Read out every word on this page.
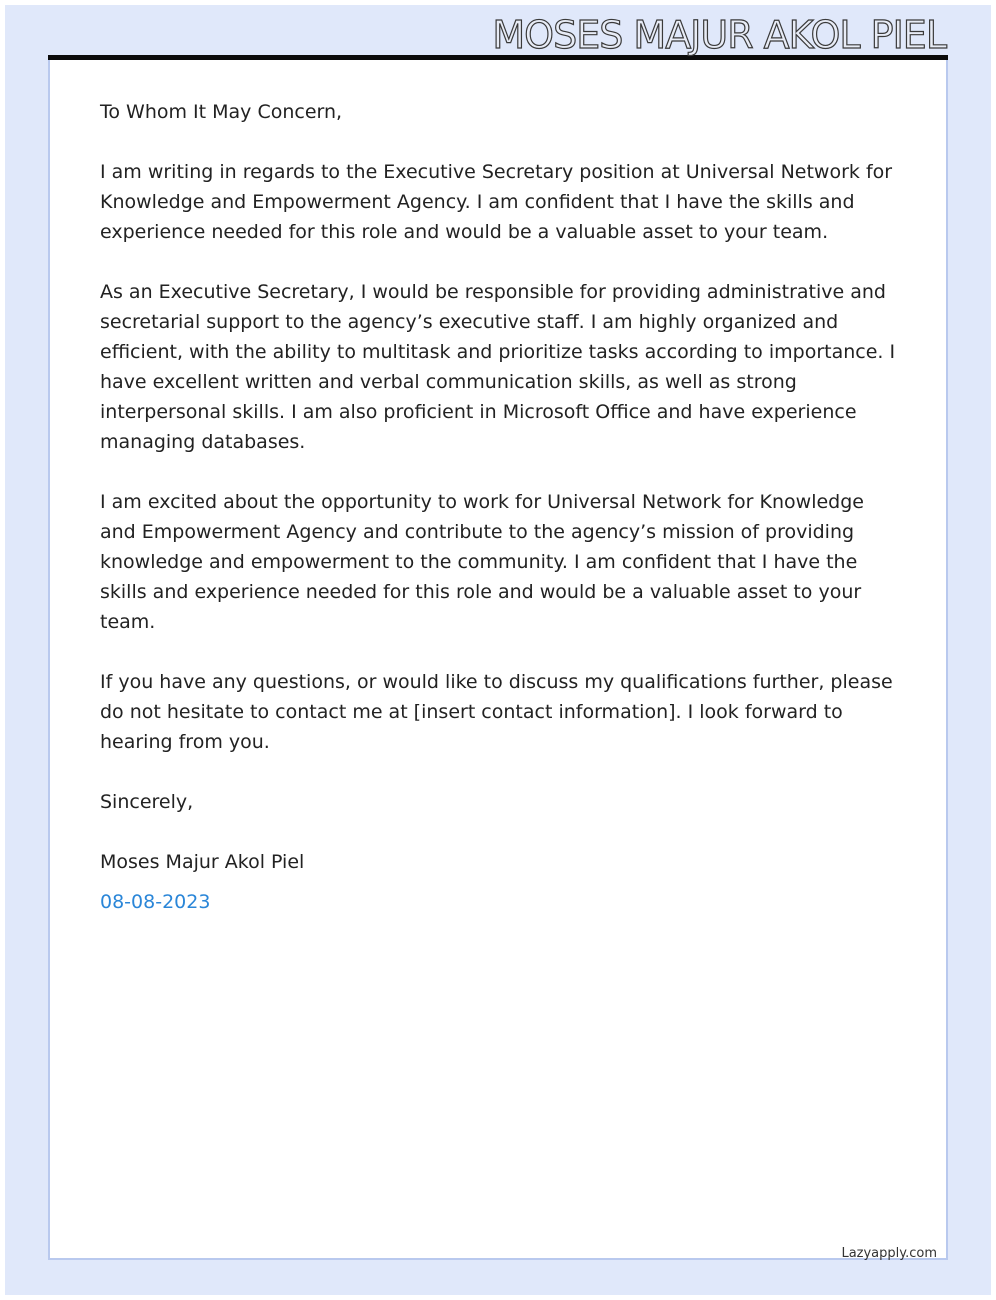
MOSES MAJUR AKOL PIEL

To Whom It May Concern,

I am writing in regards to the Executive Secretary position at Universal Network for Knowledge and Empowerment Agency. I am confident that I have the skills and experience needed for this role and would be a valuable asset to your team.

As an Executive Secretary, I would be responsible for providing administrative and secretarial support to the agency’s executive staff. I am highly organized and efficient, with the ability to multitask and prioritize tasks according to importance. I have excellent written and verbal communication skills, as well as strong interpersonal skills. I am also proficient in Microsoft Office and have experience managing databases.

I am excited about the opportunity to work for Universal Network for Knowledge and Empowerment Agency and contribute to the agency’s mission of providing knowledge and empowerment to the community. I am confident that I have the skills and experience needed for this role and would be a valuable asset to your team.

If you have any questions, or would like to discuss my qualifications further, please do not hesitate to contact me at [insert contact information]. I look forward to hearing from you.

Sincerely,

Moses Majur Akol Piel

08-08-2023

Lazyapply.com
